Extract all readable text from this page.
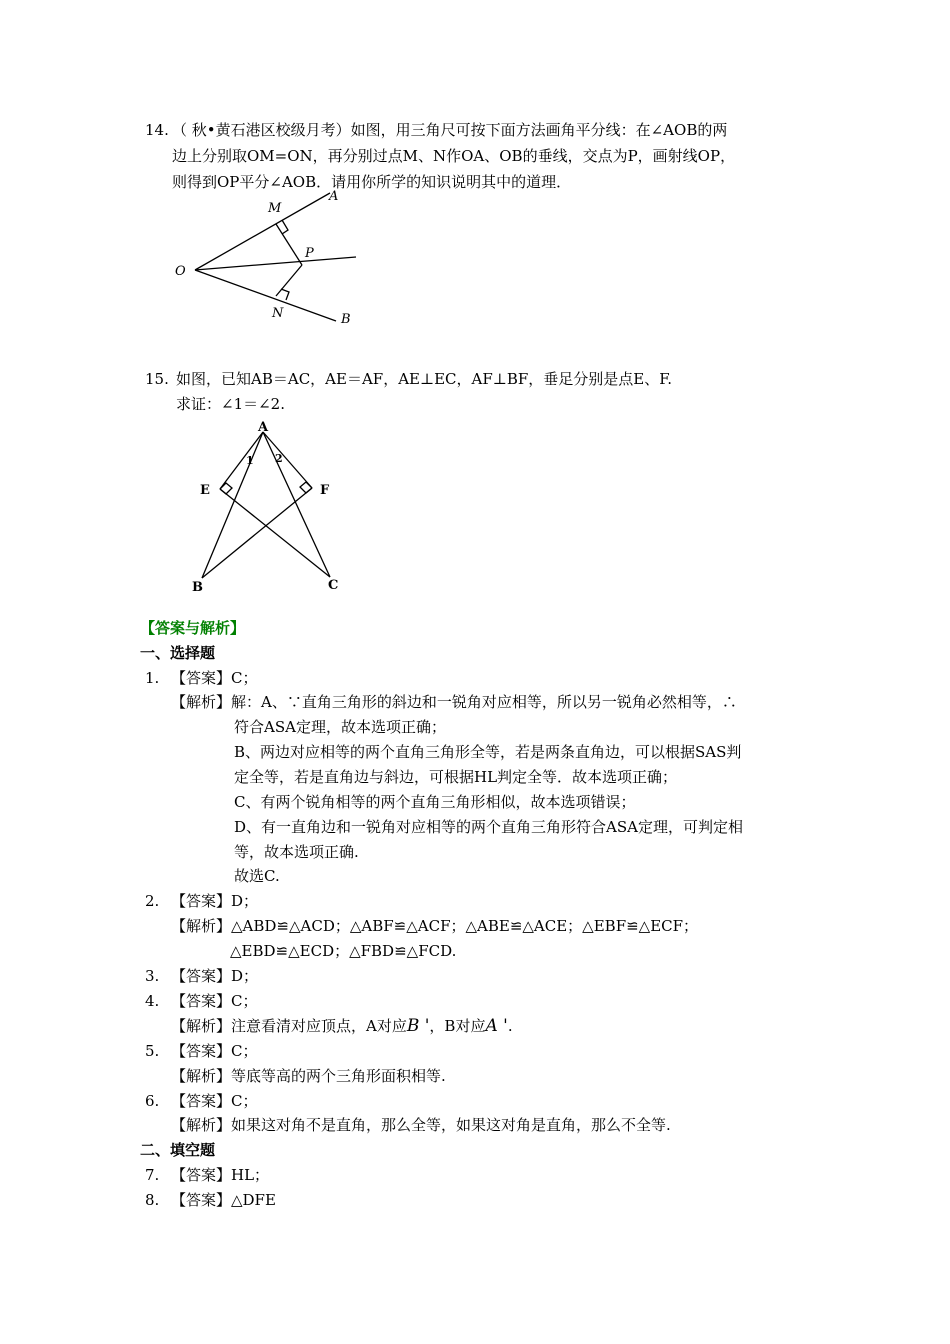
14. （ 秋•黄石港区校级月考）如图，用三角尺可按下面方法画角平分线：在∠AOB的两
边上分别取OM=ON，再分别过点M、N作OA、OB的垂线，交点为P，画射线OP，
则得到OP平分∠AOB．请用你所学的知识说明其中的道理．
O
M
A
P
N	B
15. 如图，已知AB＝AC，AE＝AF，AE⊥EC，AF⊥BF，垂足分别是点E、F.
求证：∠1＝∠2.
A
E	F
B	C
1 2
【答案与解析】
一、选择题
1. 【答案】C；
【解析】解：A、∵直角三角形的斜边和一锐角对应相等，所以另一锐角必然相等，∴
符合ASA定理，故本选项正确；
B、两边对应相等的两个直角三角形全等，若是两条直角边，可以根据SAS判
定全等，若是直角边与斜边，可根据HL判定全等．故本选项正确；
C、有两个锐角相等的两个直角三角形相似，故本选项错误；
D、有一直角边和一锐角对应相等的两个直角三角形符合ASA定理，可判定相
等，故本选项正确.
故选C.
2. 【答案】D；
【解析】△ABD≌△ACD；△ABF≌△ACF；△ABE≌△ACE；△EBF≌△ECF；
△EBD≌△ECD；△FBD≌△FCD.
3. 【答案】D；
4. 【答案】C；
【解析】注意看清对应顶点，A对应B '，B对应A '.
5. 【答案】C；
【解析】等底等高的两个三角形面积相等.
6. 【答案】C；
【解析】如果这对角不是直角，那么全等，如果这对角是直角，那么不全等.
二、填空题
7. 【答案】HL；
8. 【答案】△DFE
